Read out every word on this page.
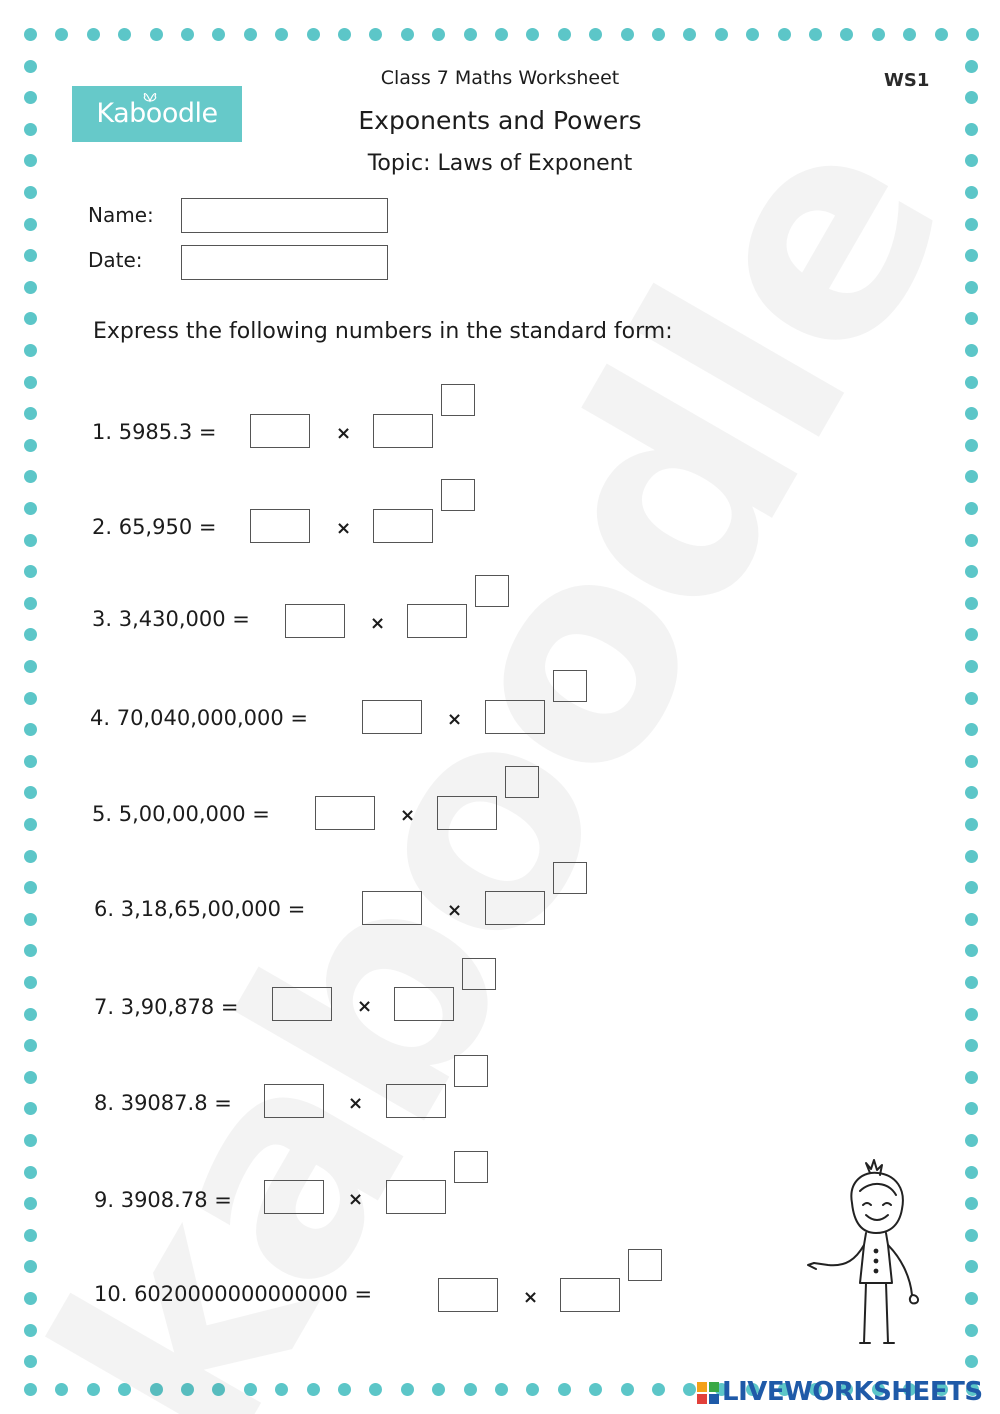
Kaboodle
Class 7 Maths Worksheet
Exponents and Powers
Topic: Laws of Exponent
WS1
Name:
Date:
Express the following numbers in the standard form:
1. 5985.3 =	×
2. 65,950 =	×
3. 3,430,000 =	×
4. 70,040,000,000 =	×
5. 5,00,00,000 =	×
6. 3,18,65,00,000 =	×
7. 3,90,878 =	×
8. 39087.8 =	×
9. 3908.78 =	×
10. 6020000000000000 =	×
LIVEWORKSHEETS
